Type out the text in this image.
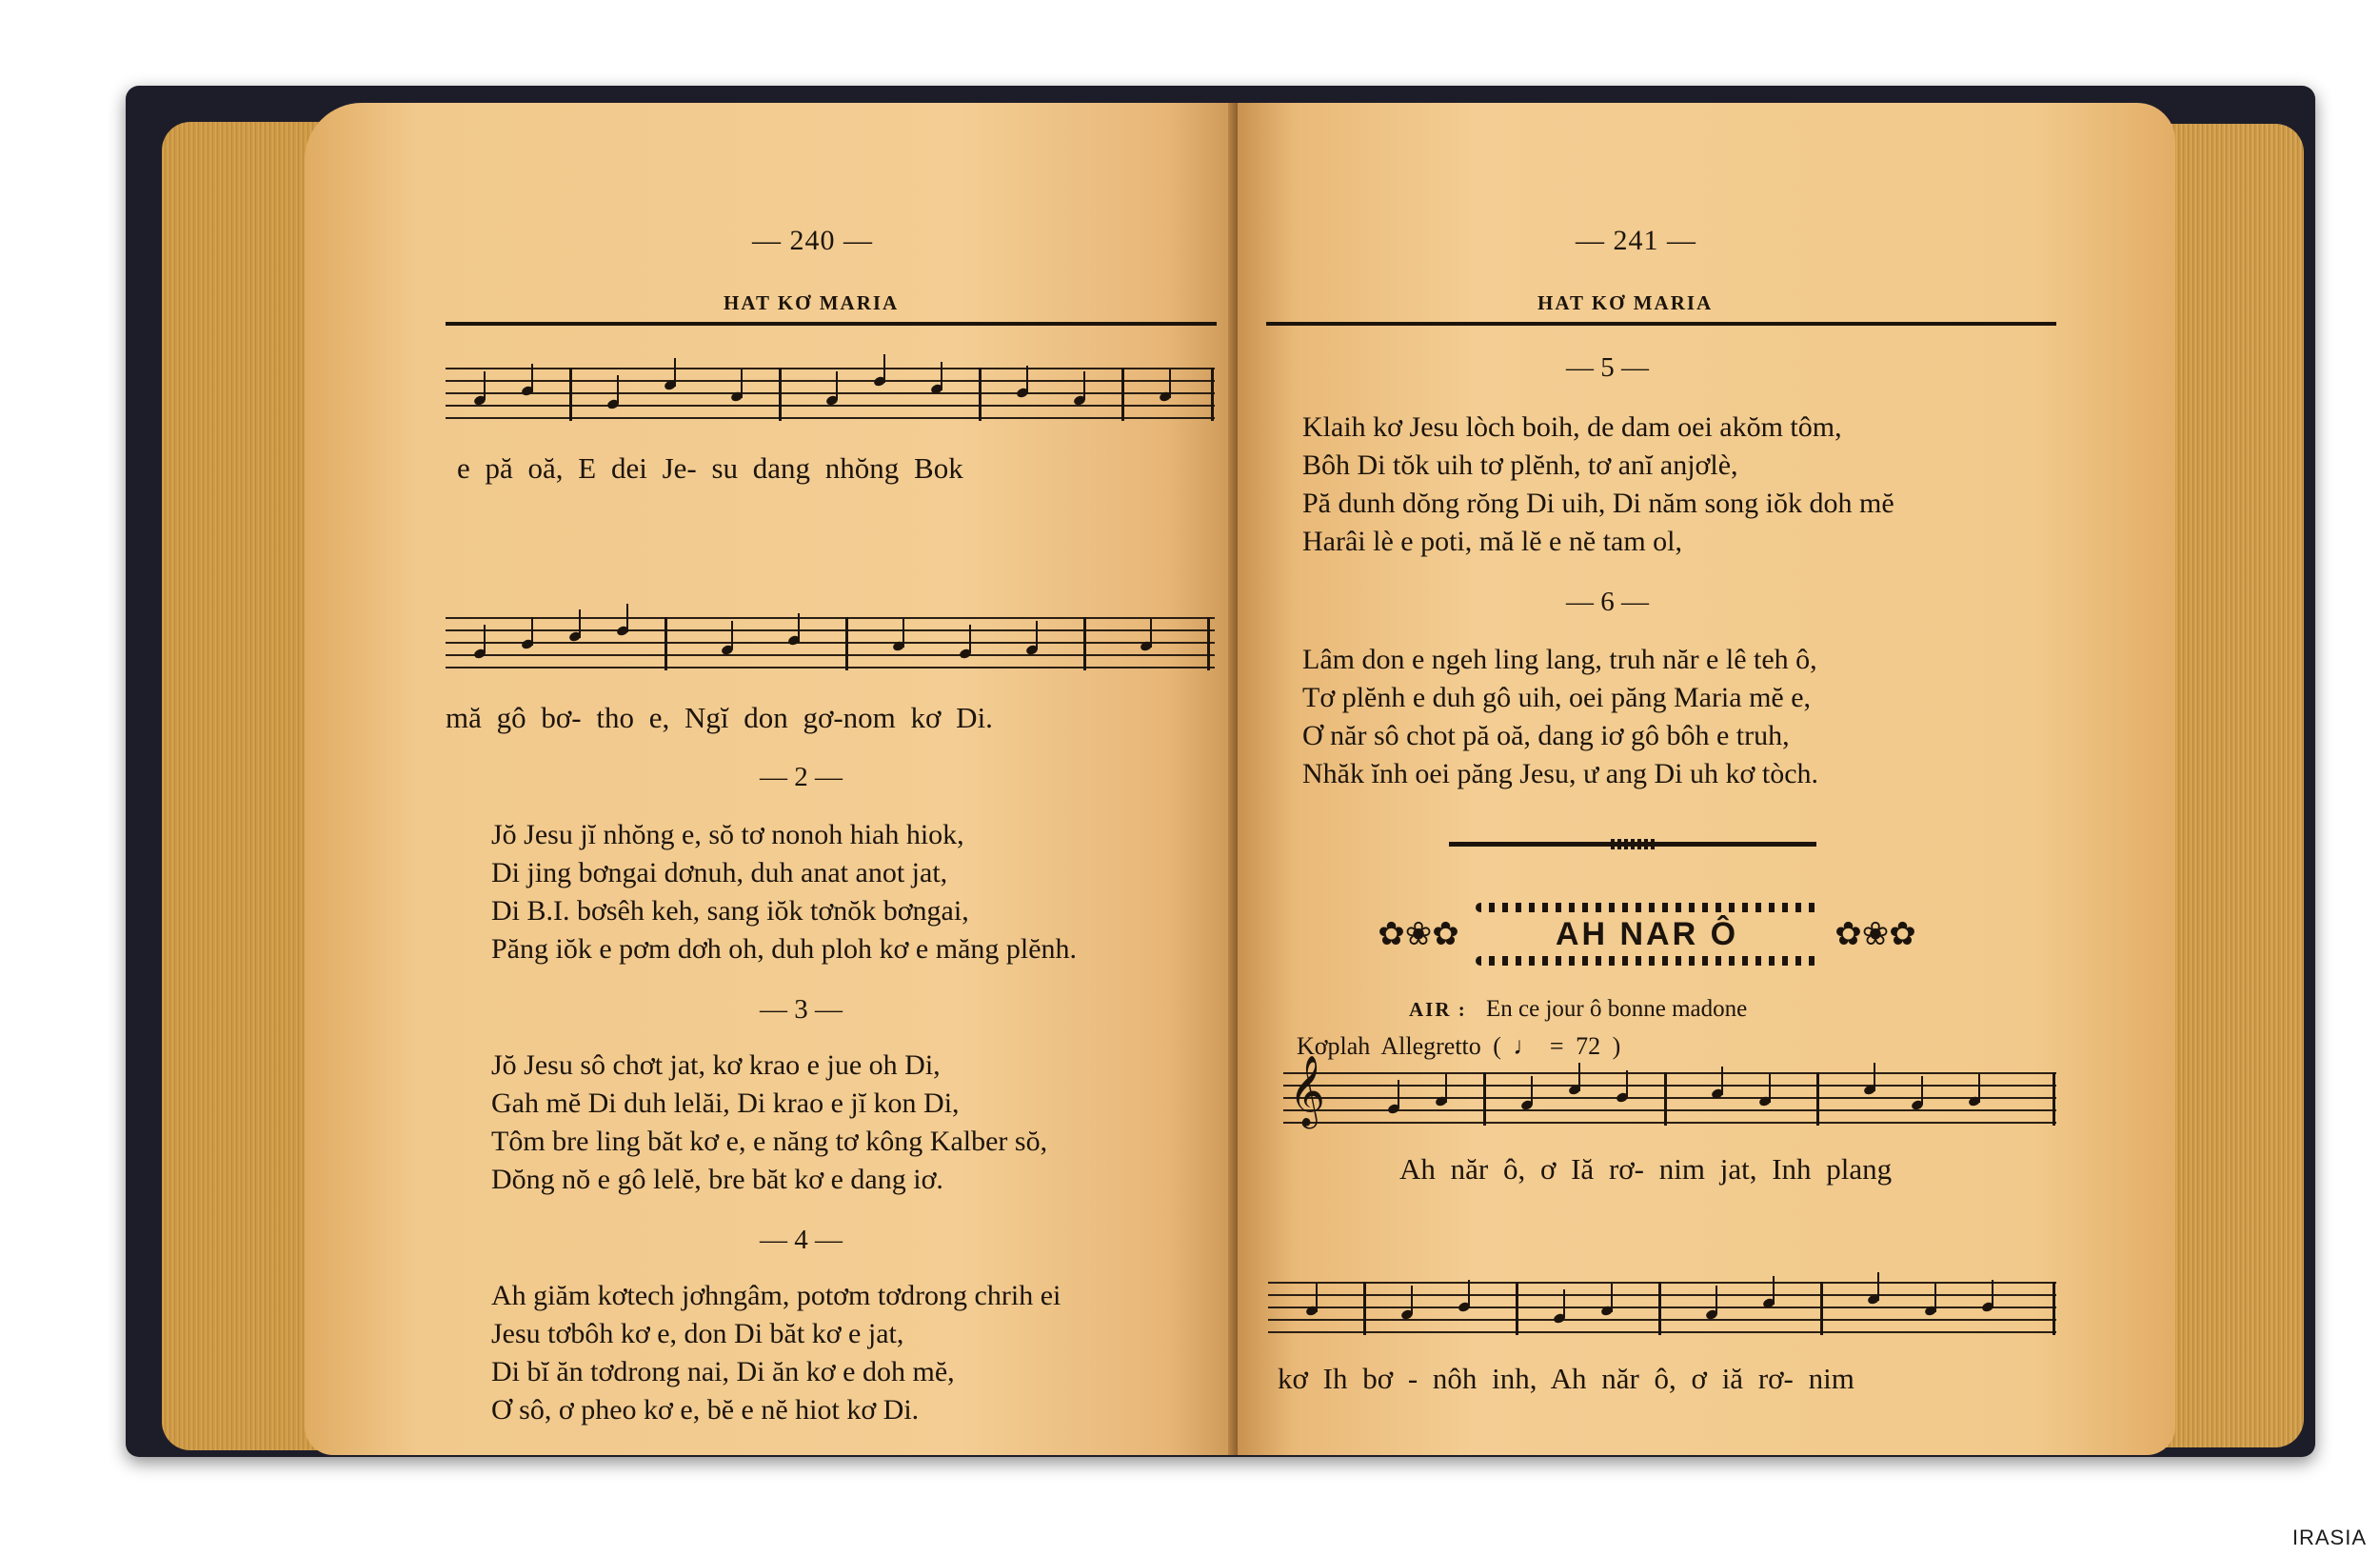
— 240 —
HAT KƠ MARIA
e pă oă, E dei Je- su dang nhŏng Bok
mă gô bơ- tho e, Ngĭ don gơ-nom kơ Di.
— 2 —
Jŏ Jesu jĭ nhŏng e, sŏ tơ nonoh hiah hiok,
Di jing bơngai dơnuh, duh anat anot jat,
Di B.I. bơsêh keh, sang iŏk tơnŏk bơngai,
Păng iŏk e pơm dơh oh, duh ploh kơ e măng plĕnh.
— 3 —
Jŏ Jesu sô chơt jat, kơ krao e jue oh Di,
Gah mĕ Di duh lelăi, Di krao e jĭ kon Di,
Tôm bre ling băt kơ e, e năng tơ kông Kalber sŏ,
Dŏng nŏ e gô lelĕ, bre băt kơ e dang iơ.
— 4 —
Ah giăm kơtech jơhngâm, potơm tơdrong chrih ei
Jesu tơbôh kơ e, don Di băt kơ e jat,
Di bĭ ăn tơdrong nai, Di ăn kơ e doh mĕ,
Ơ sô, ơ pheo kơ e, bĕ e nĕ hiot kơ Di.
— 241 —
HAT KƠ MARIA
— 5 —
Klaih kơ Jesu lòch boih, de dam oei akŏm tôm,
Bôh Di tŏk uih tơ plĕnh, tơ anĭ anjơlè,
Pă dunh dŏng rŏng Di uih, Di năm song iŏk doh mĕ
Harâi lè e poti, mă lĕ e nĕ tam ol,
— 6 —
Lâm don e ngeh ling lang, truh năr e lê teh ô,
Tơ plĕnh e duh gô uih, oei păng Maria mĕ e,
Ơ năr sô chot pă oă, dang iơ gô bôh e truh,
Nhăk ĭnh oei păng Jesu, ư ang Di uh kơ tòch.
✿❀✿	✿❀✿
AH NAR Ô
AIR : En ce jour ô bonne madone
Kơplah Allegretto ( ♩ = 72 )
𝄞
Ah năr ô, ơ Iă rơ- nim jat, Inh plang
kơ Ih bơ - nôh inh, Ah năr ô, ơ iă rơ- nim
IRASIA
